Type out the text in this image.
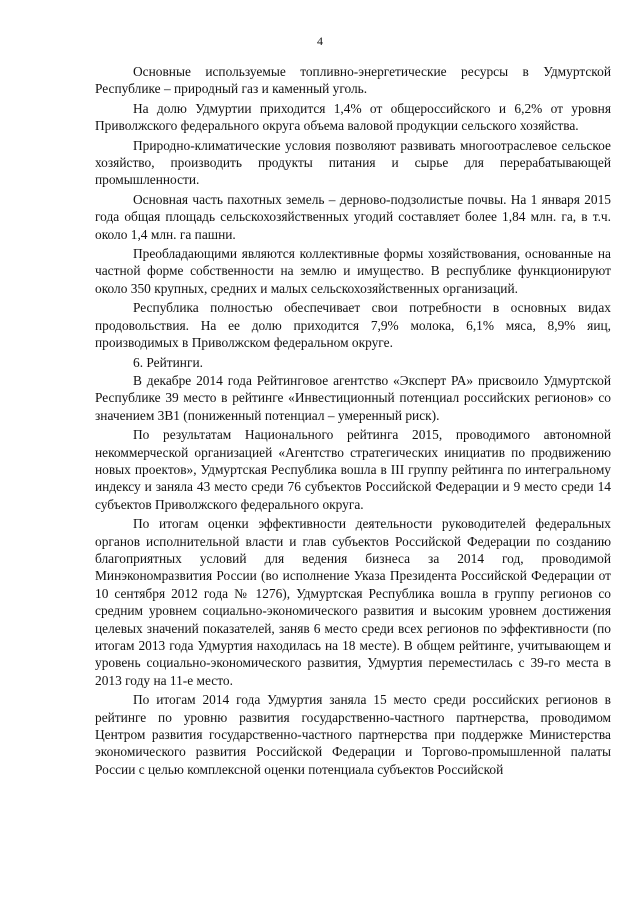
4

Основные используемые топливно-энергетические ресурсы в Удмуртской Республике – природный газ и каменный уголь.

На долю Удмуртии приходится 1,4% от общероссийского и 6,2% от уровня Приволжского федерального округа объема валовой продукции сельского хозяйства.

Природно-климатические условия позволяют развивать многоотраслевое сельское хозяйство, производить продукты питания и сырье для перерабатывающей промышленности.

Основная часть пахотных земель – дерново-подзолистые почвы. На 1 января 2015 года общая площадь сельскохозяйственных угодий составляет более 1,84 млн. га, в т.ч. около 1,4 млн. га пашни.

Преобладающими являются коллективные формы хозяйствования, основанные на частной форме собственности на землю и имущество. В республике функционируют около 350 крупных, средних и малых сельскохозяйственных организаций.

Республика полностью обеспечивает свои потребности в основных видах продовольствия. На ее долю приходится 7,9% молока, 6,1% мяса, 8,9% яиц, производимых в Приволжском федеральном округе.

6. Рейтинги.

В декабре 2014 года Рейтинговое агентство «Эксперт РА» присвоило Удмуртской Республике 39 место в рейтинге «Инвестиционный потенциал российских регионов» со значением 3В1 (пониженный потенциал – умеренный риск).

По результатам Национального рейтинга 2015, проводимого автономной некоммерческой организацией «Агентство стратегических инициатив по продвижению новых проектов», Удмуртская Республика вошла в III группу рейтинга по интегральному индексу и заняла 43 место среди 76 субъектов Российской Федерации и 9 место среди 14 субъектов Приволжского федерального округа.

По итогам оценки эффективности деятельности руководителей федеральных органов исполнительной власти и глав субъектов Российской Федерации по созданию благоприятных условий для ведения бизнеса за 2014 год, проводимой Минэкономразвития России (во исполнение Указа Президента Российской Федерации от 10 сентября 2012 года № 1276), Удмуртская Республика вошла в группу регионов со средним уровнем социально-экономического развития и высоким уровнем достижения целевых значений показателей, заняв 6 место среди всех регионов по эффективности (по итогам 2013 года Удмуртия находилась на 18 месте). В общем рейтинге, учитывающем и уровень социально-экономического развития, Удмуртия переместилась с 39-го места в 2013 году на 11-е место.

По итогам 2014 года Удмуртия заняла 15 место среди российских регионов в рейтинге по уровню развития государственно-частного партнерства, проводимом Центром развития государственно-частного партнерства при поддержке Министерства экономического развития Российской Федерации и Торгово-промышленной палаты России с целью комплексной оценки потенциала субъектов Российской
